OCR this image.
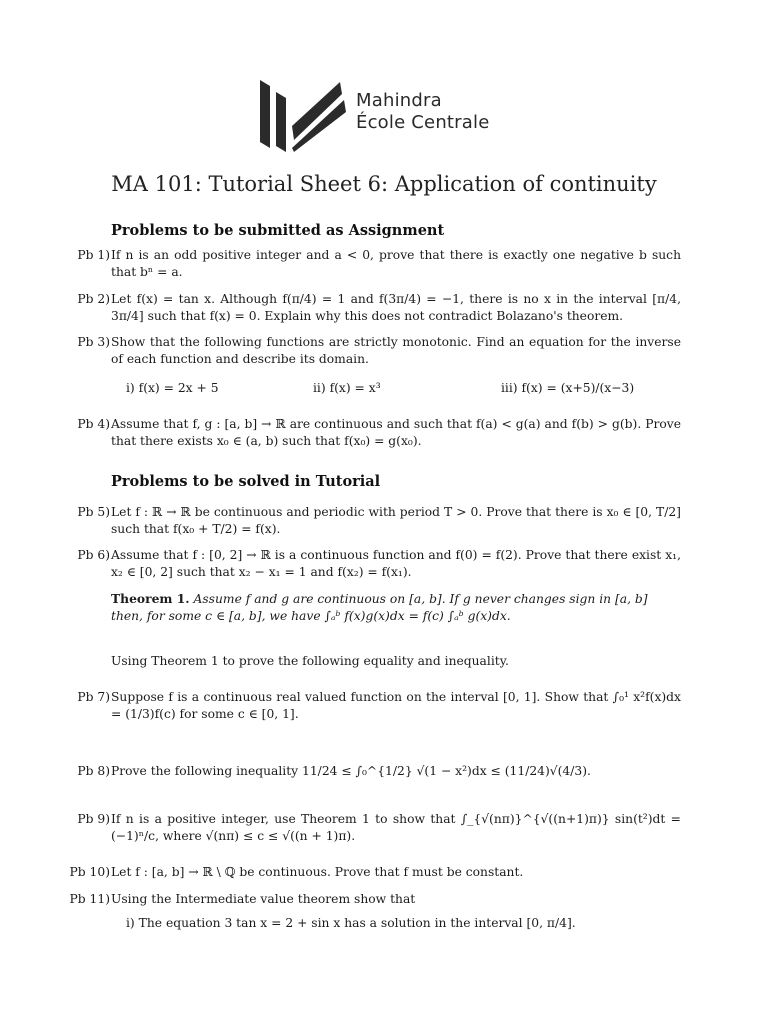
Mahindra
École Centrale
MA 101: Tutorial Sheet 6: Application of continuity
Problems to be submitted as Assignment
Pb 1) If n is an odd positive integer and a < 0, prove that there is exactly one negative b such that bⁿ = a.
Pb 2) Let f(x) = tan x. Although f(π/4) = 1 and f(3π/4) = −1, there is no x in the interval [π/4, 3π/4] such that f(x) = 0. Explain why this does not contradict Bolazano's theorem.
Pb 3) Show that the following functions are strictly monotonic. Find an equation for the inverse of each function and describe its domain.
i) f(x) = 2x + 5	ii) f(x) = x³	iii) f(x) = (x+5)/(x−3)
Pb 4) Assume that f, g : [a, b] → ℝ are continuous and such that f(a) < g(a) and f(b) > g(b). Prove that there exists x₀ ∈ (a, b) such that f(x₀) = g(x₀).
Problems to be solved in Tutorial
Pb 5) Let f : ℝ → ℝ be continuous and periodic with period T > 0. Prove that there is x₀ ∈ [0, T/2] such that f(x₀ + T/2) = f(x).
Pb 6) Assume that f : [0, 2] → ℝ is a continuous function and f(0) = f(2). Prove that there exist x₁, x₂ ∈ [0, 2] such that x₂ − x₁ = 1 and f(x₂) = f(x₁).
Theorem 1. Assume f and g are continuous on [a, b]. If g never changes sign in [a, b] then, for some c ∈ [a, b], we have ∫ₐᵇ f(x)g(x)dx = f(c) ∫ₐᵇ g(x)dx.
Using Theorem 1 to prove the following equality and inequality.
Pb 7) Suppose f is a continuous real valued function on the interval [0, 1]. Show that ∫₀¹ x²f(x)dx = (1/3)f(c) for some c ∈ [0, 1].
Pb 8) Prove the following inequality 11/24 ≤ ∫₀^{1/2} √(1 − x²)dx ≤ (11/24)√(4/3).
Pb 9) If n is a positive integer, use Theorem 1 to show that ∫_{√(nπ)}^{√((n+1)π)} sin(t²)dt = (−1)ⁿ/c, where √(nπ) ≤ c ≤ √((n + 1)π).
Pb 10) Let f : [a, b] → ℝ \ ℚ be continuous. Prove that f must be constant.
Pb 11) Using the Intermediate value theorem show that
i) The equation 3 tan x = 2 + sin x has a solution in the interval [0, π/4].
